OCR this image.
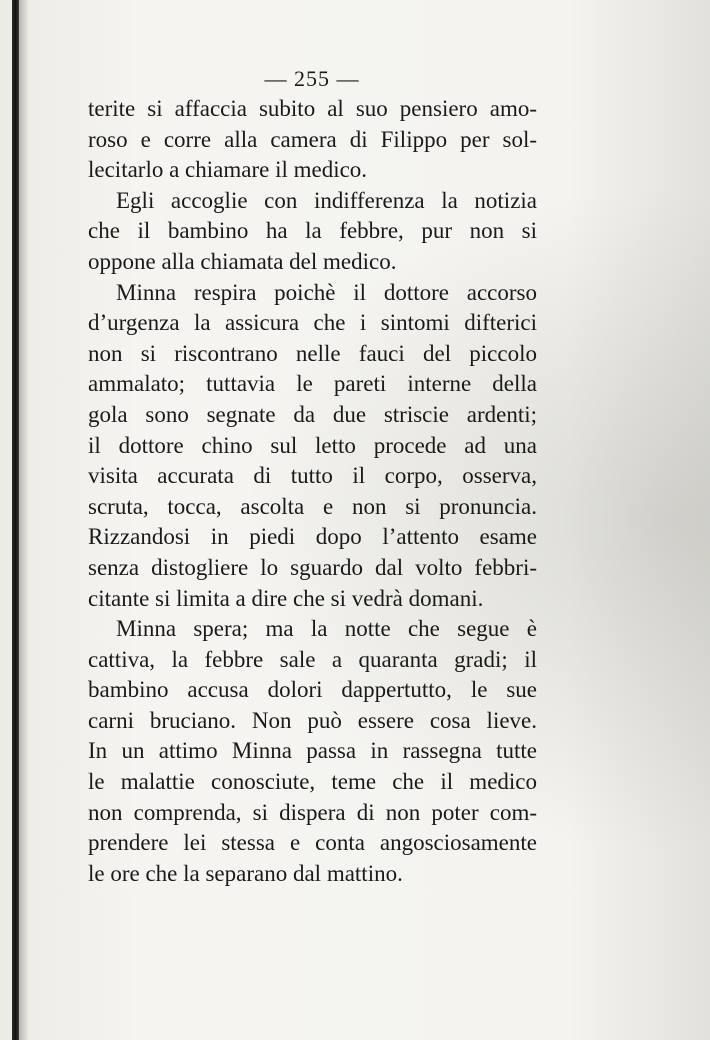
— 255 —
terite si affaccia subito al suo pensiero amo-
roso e corre alla camera di Filippo per sol-
lecitarlo a chiamare il medico.
Egli accoglie con indifferenza la notizia
che il bambino ha la febbre, pur non si
oppone alla chiamata del medico.
Minna respira poichè il dottore accorso
d’urgenza la assicura che i sintomi difterici
non si riscontrano nelle fauci del piccolo
ammalato; tuttavia le pareti interne della
gola sono segnate da due striscie ardenti;
il dottore chino sul letto procede ad una
visita accurata di tutto il corpo, osserva,
scruta, tocca, ascolta e non si pronuncia.
Rizzandosi in piedi dopo l’attento esame
senza distogliere lo sguardo dal volto febbri-
citante si limita a dire che si vedrà domani.
Minna spera; ma la notte che segue è
cattiva, la febbre sale a quaranta gradi; il
bambino accusa dolori dappertutto, le sue
carni bruciano. Non può essere cosa lieve.
In un attimo Minna passa in rassegna tutte
le malattie conosciute, teme che il medico
non comprenda, si dispera di non poter com-
prendere lei stessa e conta angosciosamente
le ore che la separano dal mattino.
